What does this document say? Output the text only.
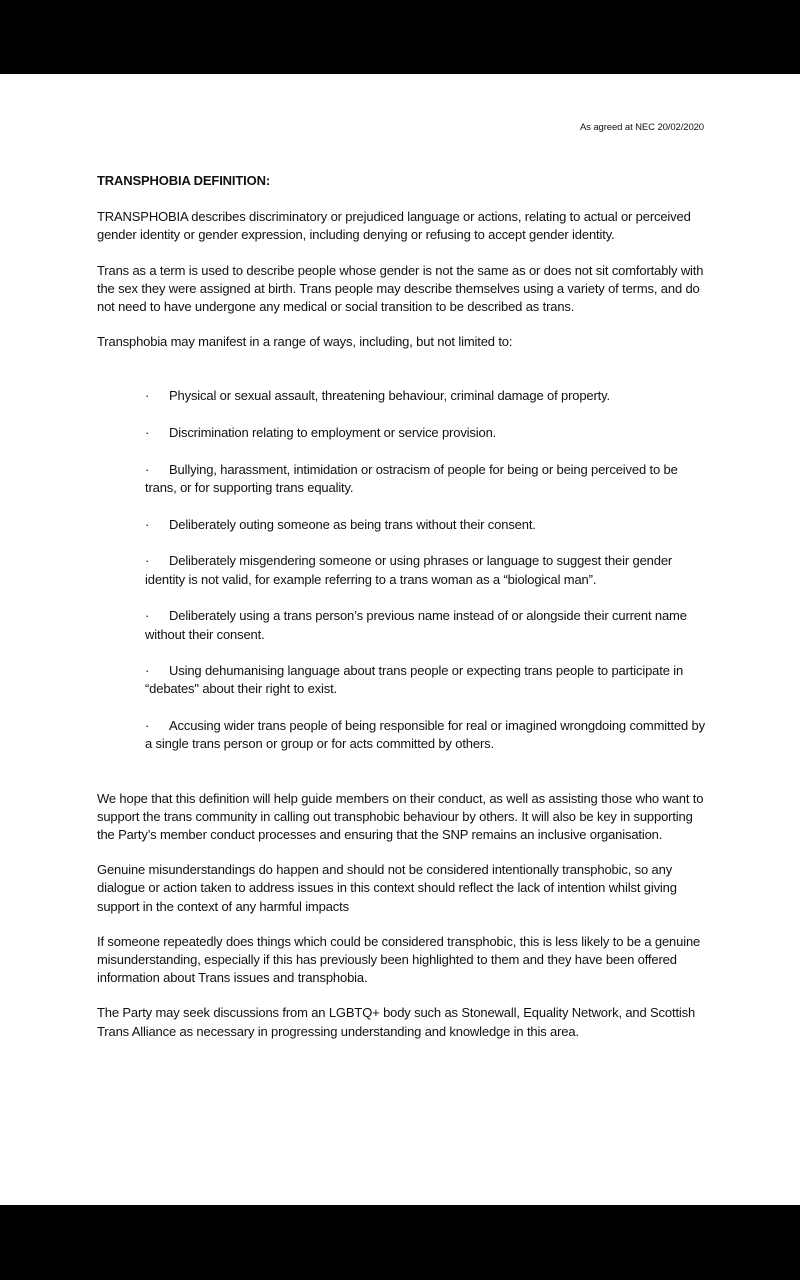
As agreed at NEC 20/02/2020

TRANSPHOBIA DEFINITION:

TRANSPHOBIA describes discriminatory or prejudiced language or actions, relating to actual or perceived gender identity or gender expression, including denying or refusing to accept gender identity.

Trans as a term is used to describe people whose gender is not the same as or does not sit comfortably with the sex they were assigned at birth. Trans people may describe themselves using a variety of terms, and do not need to have undergone any medical or social transition to be described as trans.

Transphobia may manifest in a range of ways, including, but not limited to:

· Physical or sexual assault, threatening behaviour, criminal damage of property.
· Discrimination relating to employment or service provision.
· Bullying, harassment, intimidation or ostracism of people for being or being perceived to be trans, or for supporting trans equality.
· Deliberately outing someone as being trans without their consent.
· Deliberately misgendering someone or using phrases or language to suggest their gender identity is not valid, for example referring to a trans woman as a “biological man”.
· Deliberately using a trans person’s previous name instead of or alongside their current name without their consent.
· Using dehumanising language about trans people or expecting trans people to participate in “debates" about their right to exist.
· Accusing wider trans people of being responsible for real or imagined wrongdoing committed by a single trans person or group or for acts committed by others.

We hope that this definition will help guide members on their conduct, as well as assisting those who want to support the trans community in calling out transphobic behaviour by others. It will also be key in supporting the Party’s member conduct processes and ensuring that the SNP remains an inclusive organisation.

Genuine misunderstandings do happen and should not be considered intentionally transphobic, so any dialogue or action taken to address issues in this context should reflect the lack of intention whilst giving support in the context of any harmful impacts

If someone repeatedly does things which could be considered transphobic, this is less likely to be a genuine misunderstanding, especially if this has previously been highlighted to them and they have been offered information about Trans issues and transphobia.

The Party may seek discussions from an LGBTQ+ body such as Stonewall, Equality Network, and Scottish Trans Alliance as necessary in progressing understanding and knowledge in this area.
